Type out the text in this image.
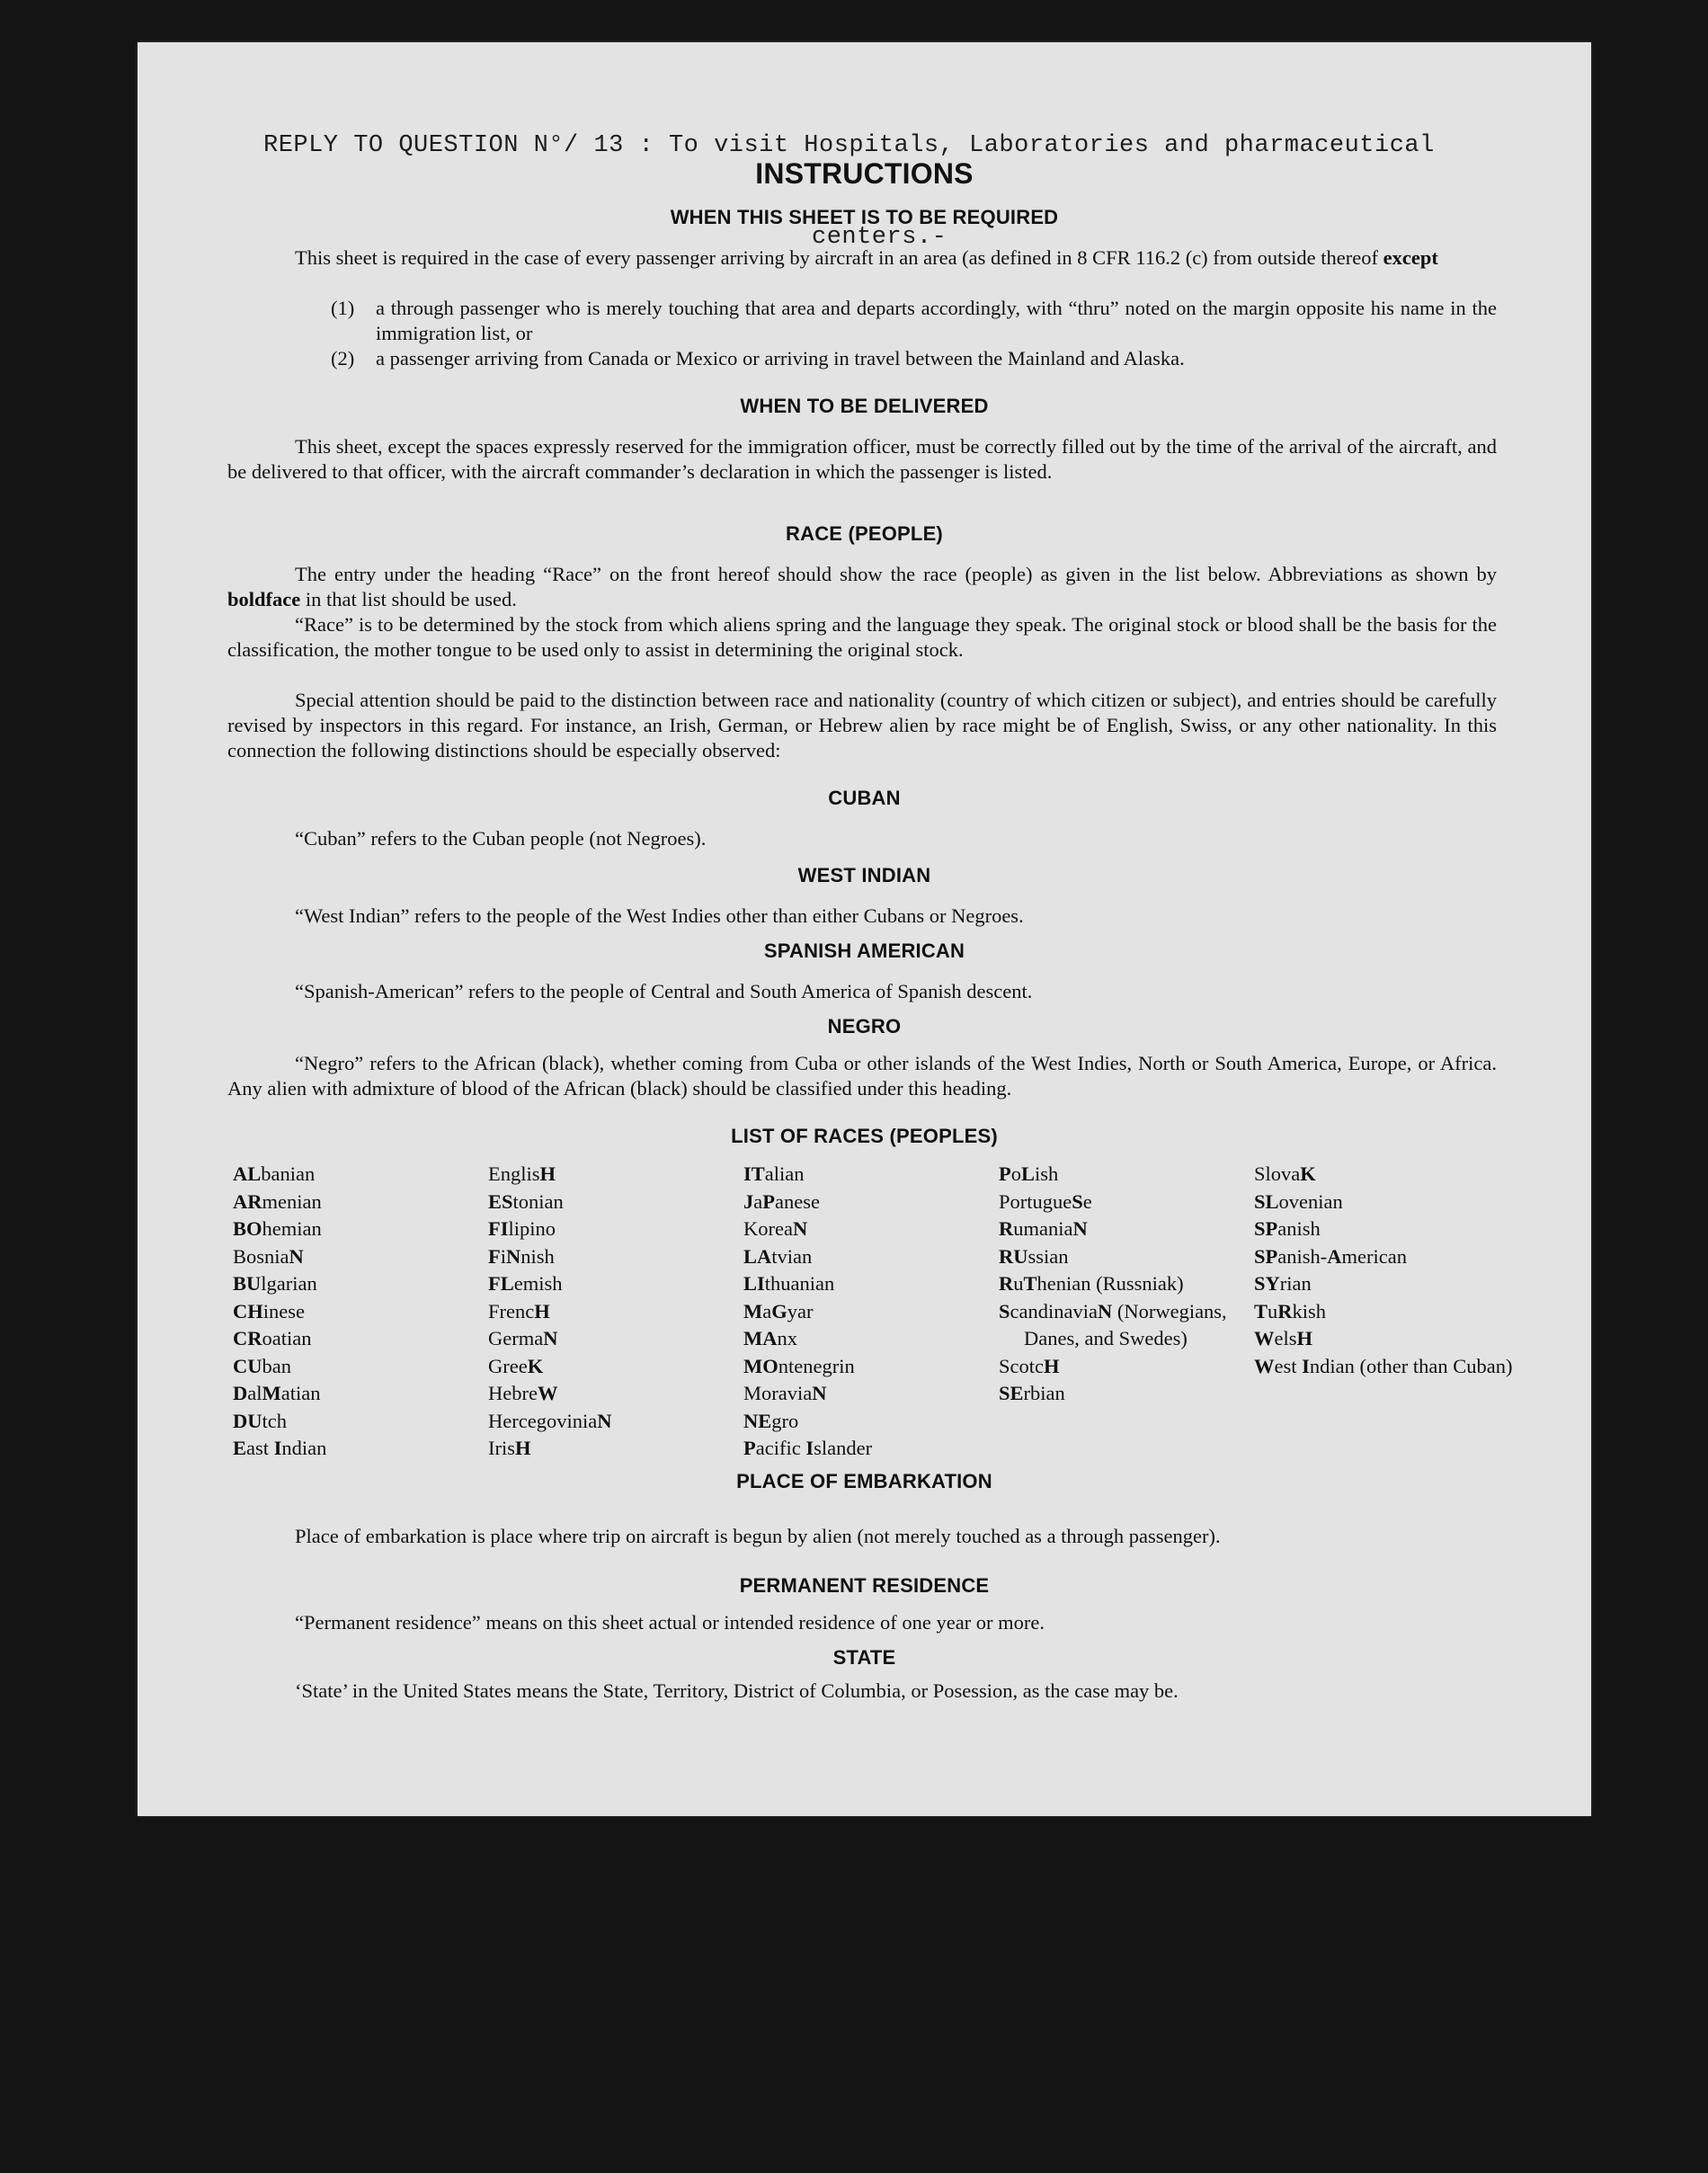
REPLY TO QUESTION N°/ 13 : To visit Hospitals, Laboratories and pharmaceutical

centers.-

INSTRUCTIONS
WHEN THIS SHEET IS TO BE REQUIRED
This sheet is required in the case of every passenger arriving by aircraft in an area (as defined in 8 CFR 116.2 (c) from outside thereof except
(1) a through passenger who is merely touching that area and departs accordingly, with “thru” noted on the margin opposite his name in the immigration list, or
(2) a passenger arriving from Canada or Mexico or arriving in travel between the Mainland and Alaska.
WHEN TO BE DELIVERED
This sheet, except the spaces expressly reserved for the immigration officer, must be correctly filled out by the time of the arrival of the aircraft, and be delivered to that officer, with the aircraft commander’s declaration in which the passenger is listed.
RACE (PEOPLE)
The entry under the heading “Race” on the front hereof should show the race (people) as given in the list below. Abbreviations as shown by boldface in that list should be used.
“Race” is to be determined by the stock from which aliens spring and the language they speak. The original stock or blood shall be the basis for the classification, the mother tongue to be used only to assist in determining the original stock.
Special attention should be paid to the distinction between race and nationality (country of which citizen or subject), and entries should be carefully revised by inspectors in this regard. For instance, an Irish, German, or Hebrew alien by race might be of English, Swiss, or any other nationality. In this connection the following distinctions should be especially observed:
CUBAN
“Cuban” refers to the Cuban people (not Negroes).
WEST INDIAN
“West Indian” refers to the people of the West Indies other than either Cubans or Negroes.
SPANISH AMERICAN
“Spanish-American” refers to the people of Central and South America of Spanish descent.
NEGRO
“Negro” refers to the African (black), whether coming from Cuba or other islands of the West Indies, North or South America, Europe, or Africa. Any alien with admixture of blood of the African (black) should be classified under this heading.
LIST OF RACES (PEOPLES)
ALbanian
ARmenian
BOhemian
BosniaN
BUlgarian
CHinese
CRoatian
CUban
DalMatian
DUtch
East Indian
EnglisH
EStonian
FIlipino
FiNnish
FLemish
FrencH
GermaN
GreeK
HebreW
HercegoviniaN
IrisH
ITalian
JaPanese
KoreaN
LAtvian
LIthuanian
MaGyar
MAnx
MOntenegrin
MoraviaN
NEgro
Pacific Islander
PoLish
PortugueSe
RumaniaN
RUssian
RuThenian (Russniak)
ScandinaviaN (Norwegians, Danes, and Swedes)
ScotcH
SErbian
SlovaK
SLovenian
SPanish
SPanish-American
SYrian
TuRkish
WelsH
West Indian (other than Cuban)
PLACE OF EMBARKATION
Place of embarkation is place where trip on aircraft is begun by alien (not merely touched as a through passenger).
PERMANENT RESIDENCE
“Permanent residence” means on this sheet actual or intended residence of one year or more.
STATE
‘State’ in the United States means the State, Territory, District of Columbia, or Posession, as the case may be.
